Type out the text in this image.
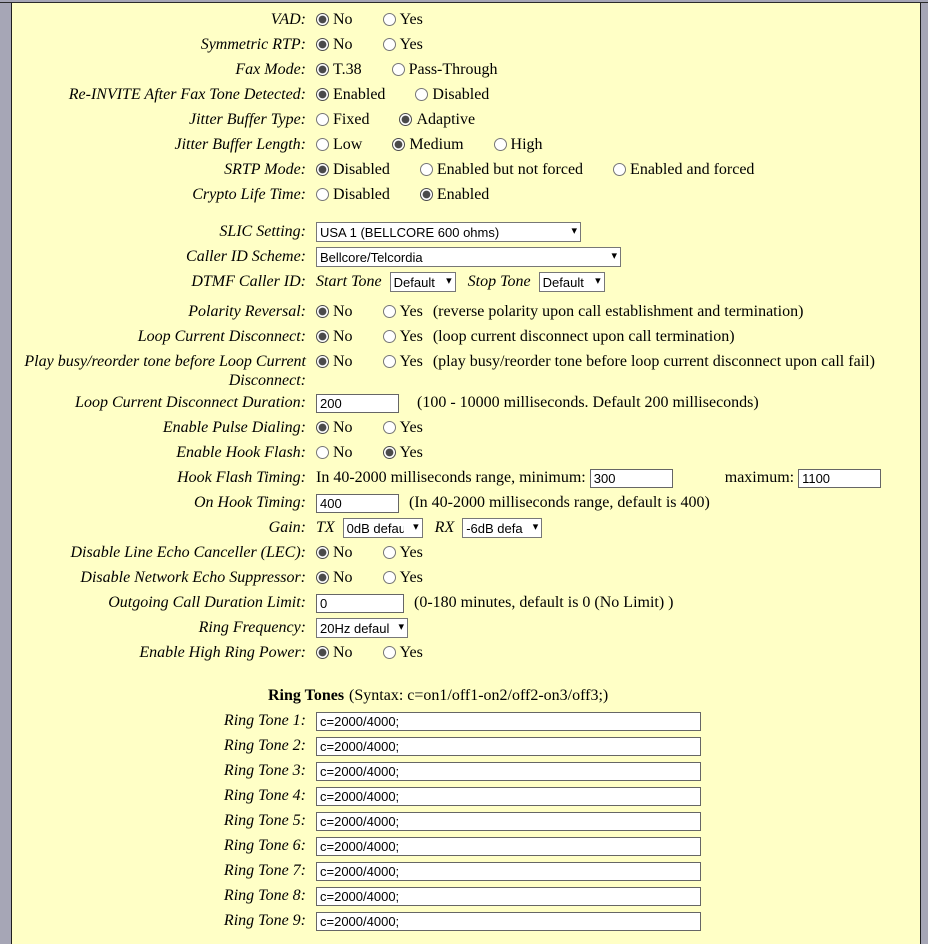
VAD:	No	Yes
Symmetric RTP:	No	Yes
Fax Mode:	T.38	Pass-Through
Re-INVITE After Fax Tone Detected:	Enabled	Disabled
Jitter Buffer Type:	Fixed	Adaptive
Jitter Buffer Length:	Low	Medium	High
SRTP Mode:	Disabled	Enabled but not forced	Enabled and forced
Crypto Life Time:	Disabled	Enabled
SLIC Setting:
USA 1 (BELLCORE 600 ohms) ▾
Caller ID Scheme:
Bellcore/Telcordia ▾
DTMF Caller ID: Start Tone
Default ▾	Stop Tone
Default ▾
Polarity Reversal:	No	Yes (reverse polarity upon call establishment and termination)
Loop Current Disconnect:	No	Yes (loop current disconnect upon call termination)
Play busy/reorder tone before Loop Current Disconnect:
No	Yes (play busy/reorder tone before loop current disconnect upon call fail)
Loop Current Disconnect Duration:
200	(100 - 10000 milliseconds. Default 200 milliseconds)
Enable Pulse Dialing:	No	Yes
Enable Hook Flash:	No	Yes
Hook Flash Timing: In 40-2000 milliseconds range, minimum: 300	maximum: 1100
On Hook Timing:
400	(In 40-2000 milliseconds range, default is 400)
Gain: TX
0dB default ▾	RX
-6dB default ▾
Disable Line Echo Canceller (LEC):	No	Yes
Disable Network Echo Suppressor:	No	Yes
Outgoing Call Duration Limit:
0	(0-180 minutes, default is 0 (No Limit) )
Ring Frequency:
20Hz default ▾
Enable High Ring Power:	No	Yes
Ring Tones (Syntax: c=on1/off1-on2/off2-on3/off3;)
Ring Tone 1:
c=2000/4000;
Ring Tone 2:
c=2000/4000;
Ring Tone 3:
c=2000/4000;
Ring Tone 4:
c=2000/4000;
Ring Tone 5:
c=2000/4000;
Ring Tone 6:
c=2000/4000;
Ring Tone 7:
c=2000/4000;
Ring Tone 8:
c=2000/4000;
Ring Tone 9:
c=2000/4000;
